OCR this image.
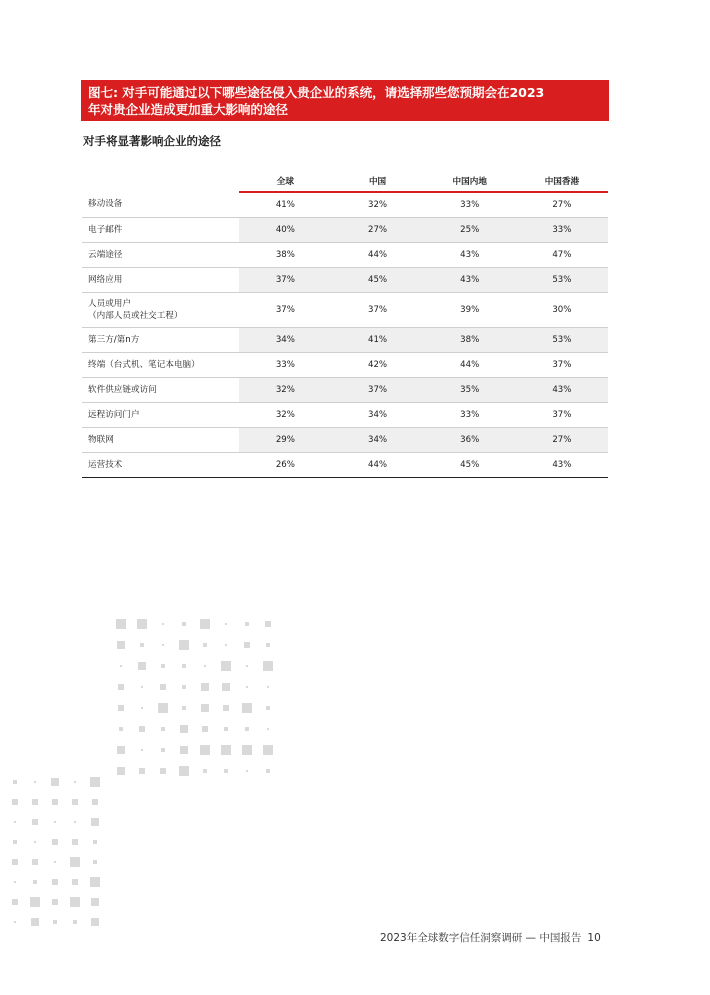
图七: 对手可能通过以下哪些途径侵入贵企业的系统，请选择那些您预期会在2023
年对贵企业造成更加重大影响的途径
对手将显著影响企业的途径
	全球	中国	中国内地	中国香港
移动设备	41%	32%	33%	27%
电子邮件	40%	27%	25%	33%
云端途径	38%	44%	43%	47%
网络应用	37%	45%	43%	53%

人员或用户
（内部人员或社交工程）	37%	37%	39%	30%
第三方/第n方	34%	41%	38%	53%
终端（台式机、笔记本电脑）	33%	42%	44%	37%
软件供应链或访问	32%	37%	35%	43%
远程访问门户	32%	34%	33%	37%
物联网	29%	34%	36%	27%
运营技术	26%	44%	45%	43%
2023年全球数字信任洞察调研 — 中国报告 10
